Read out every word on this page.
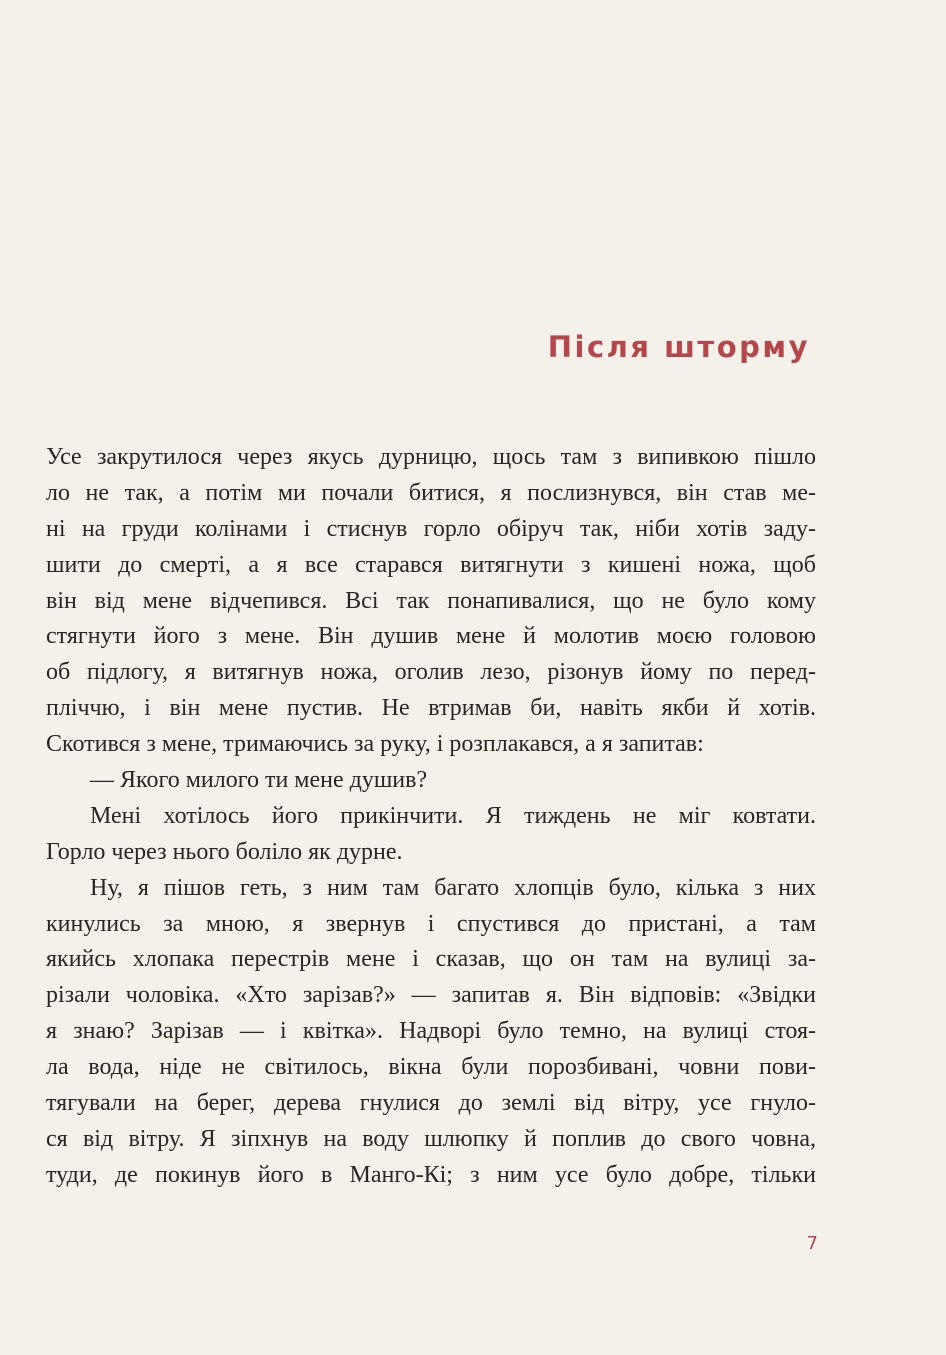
Після шторму
Усе закрутилося через якусь дурницю, щось там з випивкою пішло
ло не так, а потім ми почали битися, я послизнувся, він став ме-
ні на груди колінами і стиснув горло обіруч так, ніби хотів заду-
шити до смерті, а я все старався витягнути з кишені ножа, щоб
він від мене відчепився. Всі так понапивалися, що не було кому
стягнути його з мене. Він душив мене й молотив моєю головою
об підлогу, я витягнув ножа, оголив лезо, різонув йому по перед-
пліччю, і він мене пустив. Не втримав би, навіть якби й хотів.
Скотився з мене, тримаючись за руку, і розплакався, а я запитав:
— Якого милого ти мене душив?
Мені хотілось його прикінчити. Я тиждень не міг ковтати.
Горло через нього боліло як дурне.
Ну, я пішов геть, з ним там багато хлопців було, кілька з них
кинулись за мною, я звернув і спустився до пристані, а там
якийсь хлопака перестрів мене і сказав, що он там на вулиці за-
різали чоловіка. «Хто зарізав?» — запитав я. Він відповів: «Звідки
я знаю? Зарізав — і квітка». Надворі було темно, на вулиці стоя-
ла вода, ніде не світилось, вікна були порозбивані, човни пови-
тягували на берег, дерева гнулися до землі від вітру, усе гнуло-
ся від вітру. Я зіпхнув на воду шлюпку й поплив до свого човна,
туди, де покинув його в Манго-Кі; з ним усе було добре, тільки
7
